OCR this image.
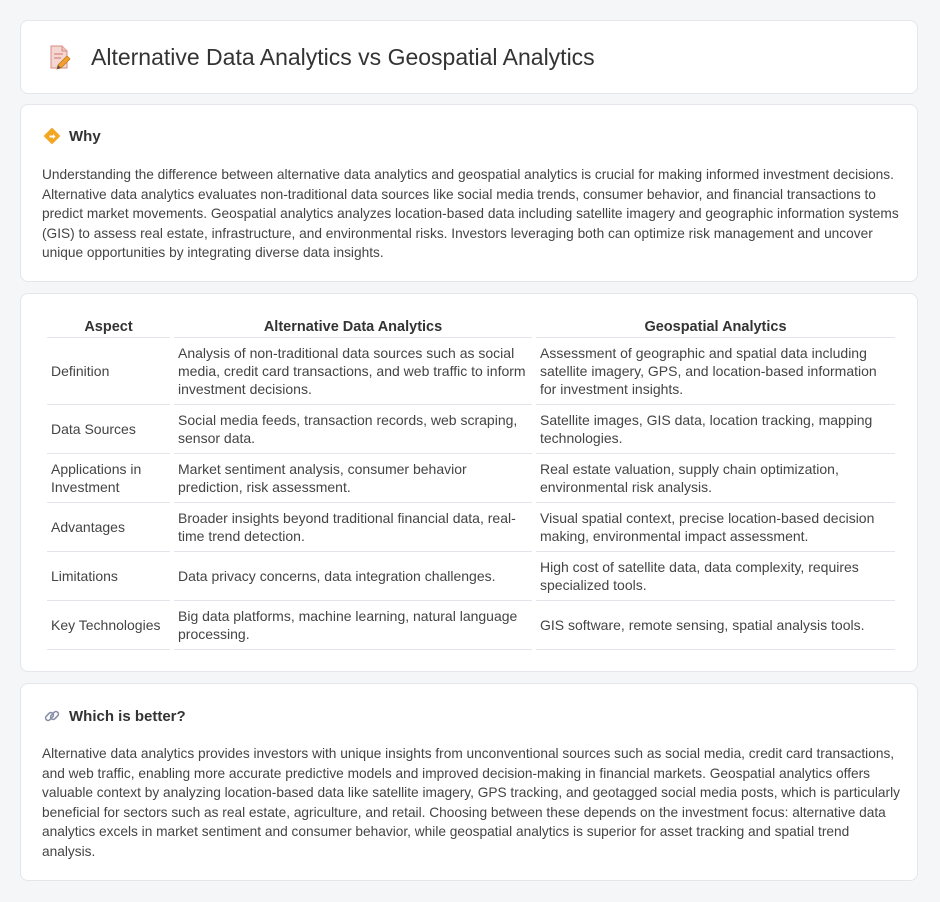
Alternative Data Analytics vs Geospatial Analytics
Why

Understanding the difference between alternative data analytics and geospatial analytics is crucial for making informed investment decisions. Alternative data analytics evaluates non-traditional data sources like social media trends, consumer behavior, and financial transactions to predict market movements. Geospatial analytics analyzes location-based data including satellite imagery and geographic information systems (GIS) to assess real estate, infrastructure, and environmental risks. Investors leveraging both can optimize risk management and uncover unique opportunities by integrating diverse data insights.

Aspect	Alternative Data Analytics	Geospatial Analytics
Definition	Analysis of non-traditional data sources such as social media, credit card transactions, and web traffic to inform investment decisions.	Assessment of geographic and spatial data including satellite imagery, GPS, and location-based information for investment insights.
Data Sources	Social media feeds, transaction records, web scraping, sensor data.	Satellite images, GIS data, location tracking, mapping technologies.
Applications in Investment	Market sentiment analysis, consumer behavior prediction, risk assessment.	Real estate valuation, supply chain optimization, environmental risk analysis.
Advantages	Broader insights beyond traditional financial data, real-time trend detection.	Visual spatial context, precise location-based decision making, environmental impact assessment.
Limitations	Data privacy concerns, data integration challenges.	High cost of satellite data, data complexity, requires specialized tools.
Key Technologies	Big data platforms, machine learning, natural language processing.	GIS software, remote sensing, spatial analysis tools.
Which is better?

Alternative data analytics provides investors with unique insights from unconventional sources such as social media, credit card transactions, and web traffic, enabling more accurate predictive models and improved decision-making in financial markets. Geospatial analytics offers valuable context by analyzing location-based data like satellite imagery, GPS tracking, and geotagged social media posts, which is particularly beneficial for sectors such as real estate, agriculture, and retail. Choosing between these depends on the investment focus: alternative data analytics excels in market sentiment and consumer behavior, while geospatial analytics is superior for asset tracking and spatial trend analysis.
